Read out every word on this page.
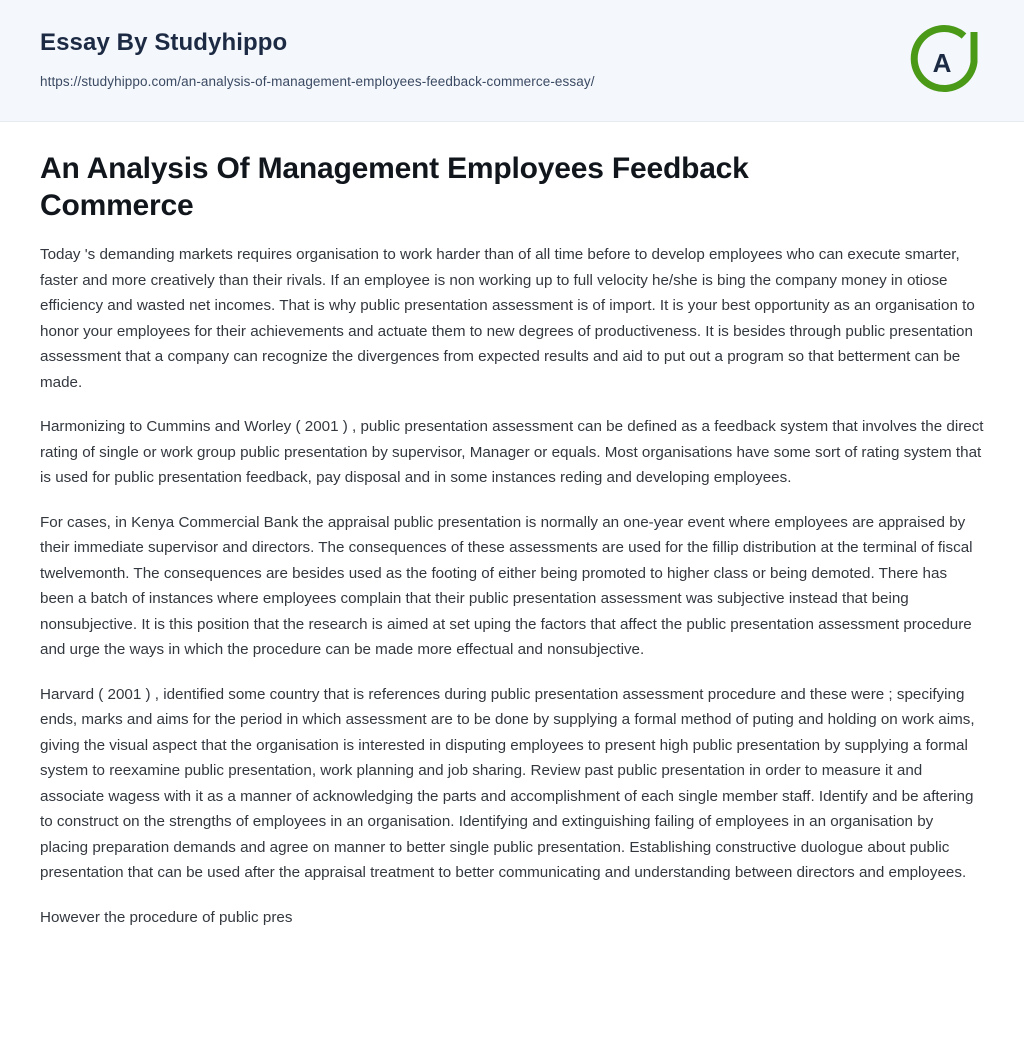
Essay By Studyhippo
https://studyhippo.com/an-analysis-of-management-employees-feedback-commerce-essay/
A
An Analysis Of Management Employees Feedback Commerce

Today 's demanding markets requires organisation to work harder than of all time before to develop employees who can execute smarter, faster and more creatively than their rivals. If an employee is non working up to full velocity he/she is bing the company money in otiose efficiency and wasted net incomes. That is why public presentation assessment is of import. It is your best opportunity as an organisation to honor your employees for their achievements and actuate them to new degrees of productiveness. It is besides through public presentation assessment that a company can recognize the divergences from expected results and aid to put out a program so that betterment can be made.

Harmonizing to Cummins and Worley ( 2001 ) , public presentation assessment can be defined as a feedback system that involves the direct rating of single or work group public presentation by supervisor, Manager or equals. Most organisations have some sort of rating system that is used for public presentation feedback, pay disposal and in some instances reding and developing employees.

For cases, in Kenya Commercial Bank the appraisal public presentation is normally an one-year event where employees are appraised by their immediate supervisor and directors. The consequences of these assessments are used for the fillip distribution at the terminal of fiscal twelvemonth. The consequences are besides used as the footing of either being promoted to higher class or being demoted. There has been a batch of instances where employees complain that their public presentation assessment was subjective instead that being nonsubjective. It is this position that the research is aimed at set uping the factors that affect the public presentation assessment procedure and urge the ways in which the procedure can be made more effectual and nonsubjective.

Harvard ( 2001 ) , identified some country that is references during public presentation assessment procedure and these were ; specifying ends, marks and aims for the period in which assessment are to be done by supplying a formal method of puting and holding on work aims, giving the visual aspect that the organisation is interested in disputing employees to present high public presentation by supplying a formal system to reexamine public presentation, work planning and job sharing. Review past public presentation in order to measure it and associate wagess with it as a manner of acknowledging the parts and accomplishment of each single member staff. Identify and be aftering to construct on the strengths of employees in an organisation. Identifying and extinguishing failing of employees in an organisation by placing preparation demands and agree on manner to better single public presentation. Establishing constructive duologue about public presentation that can be used after the appraisal treatment to better communicating and understanding between directors and employees.

However the procedure of public pres
